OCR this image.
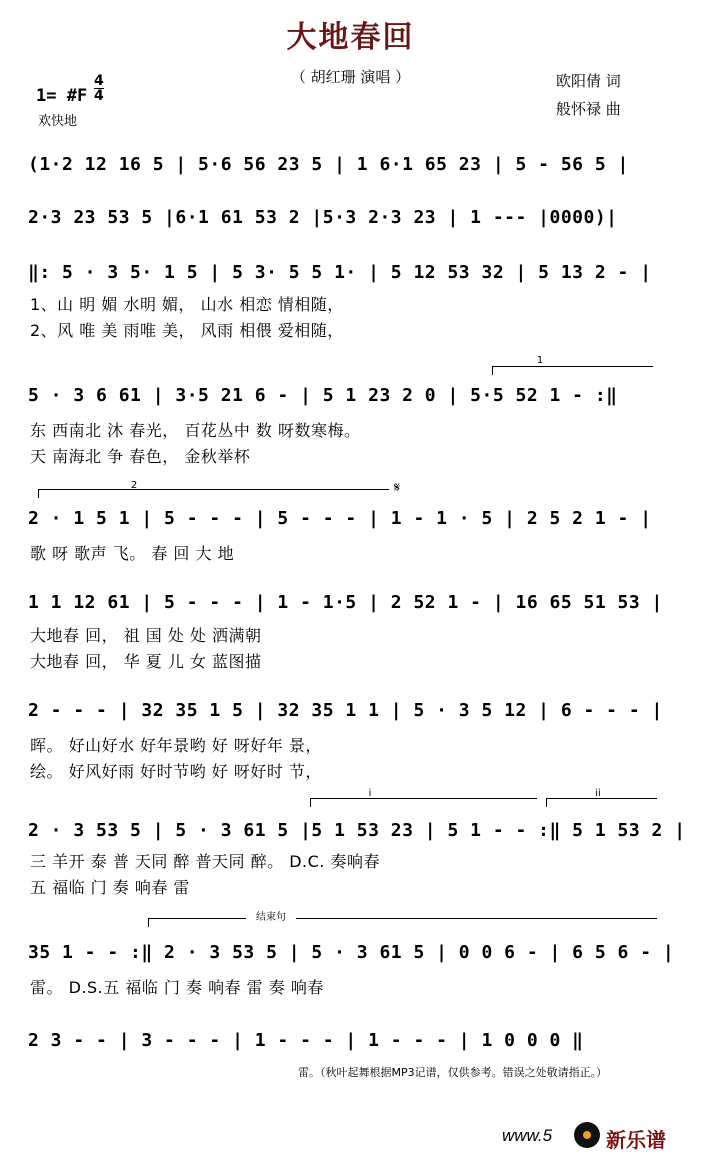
大地春回
（ 胡红珊 演唱 ）
1= #F $\frac{4}{4}$
欢快地
欧阳倩 词
般怀禄 曲
(1·2 12 16 5 | 5·6 56 23 5 | 1 6·1 65 23 | 5 - 56 5 |
2·3 23 53 5 |6·1 61 53 2 |5·3 2·3 23 | 1 --- |0000)|
‖: 5 · 3 5· 1 5 | 5 3· 5 5 1· | 5 12 53 32 | 5 13 2 - |
1、山 明 媚 水明 媚， 山水 相恋 情相随，
2、风 唯 美 雨唯 美， 风雨 相偎 爱相随，
1
5 · 3 6 61 | 3·5 21 6 - | 5 1 23 2 0 | 5·5 52 1 - :‖
东 西南北 沐 春光， 百花丛中 数 呀数寒梅。
天 南海北 争 春色， 金秋举杯
2	𝄋
2 · 1 5 1 | 5 - - - | 5 - - - | 1 - 1 · 5 | 2 5 2 1 - |
歌 呀 歌声 飞。 春 回 大 地
1 1 12 61 | 5 - - - | 1 - 1·5 | 2 52 1 - | 16 65 51 53 |
大地春 回， 祖 国 处 处 洒满朝
大地春 回， 华 夏 儿 女 蓝图描
2 - - - | 32 35 1 5 | 32 35 1 1 | 5 · 3 5 12 | 6 - - - |
晖。 好山好水 好年景哟 好 呀好年 景，
绘。 好风好雨 好时节哟 好 呀好时 节，
i	ii
2 · 3 53 5 | 5 · 3 61 5 |5 1 53 23 | 5 1 - - :‖ 5 1 53 2 |
三 羊开 泰 普 天同 醉 普天同 醉。 D.C. 奏响春
五 福临 门 奏 响春 雷
结束句
35 1 - - :‖ 2 · 3 53 5 | 5 · 3 61 5 | 0 0 6 - | 6 5 6 - |
雷。 D.S.五 福临 门 奏 响春 雷 奏 响春
2 3 - - | 3 - - - | 1 - - - | 1 - - - | 1 0 0 0 ‖
雷。（秋叶起舞根据MP3记谱，仅供参考。错误之处敬请指正。）
www.5	新乐谱
